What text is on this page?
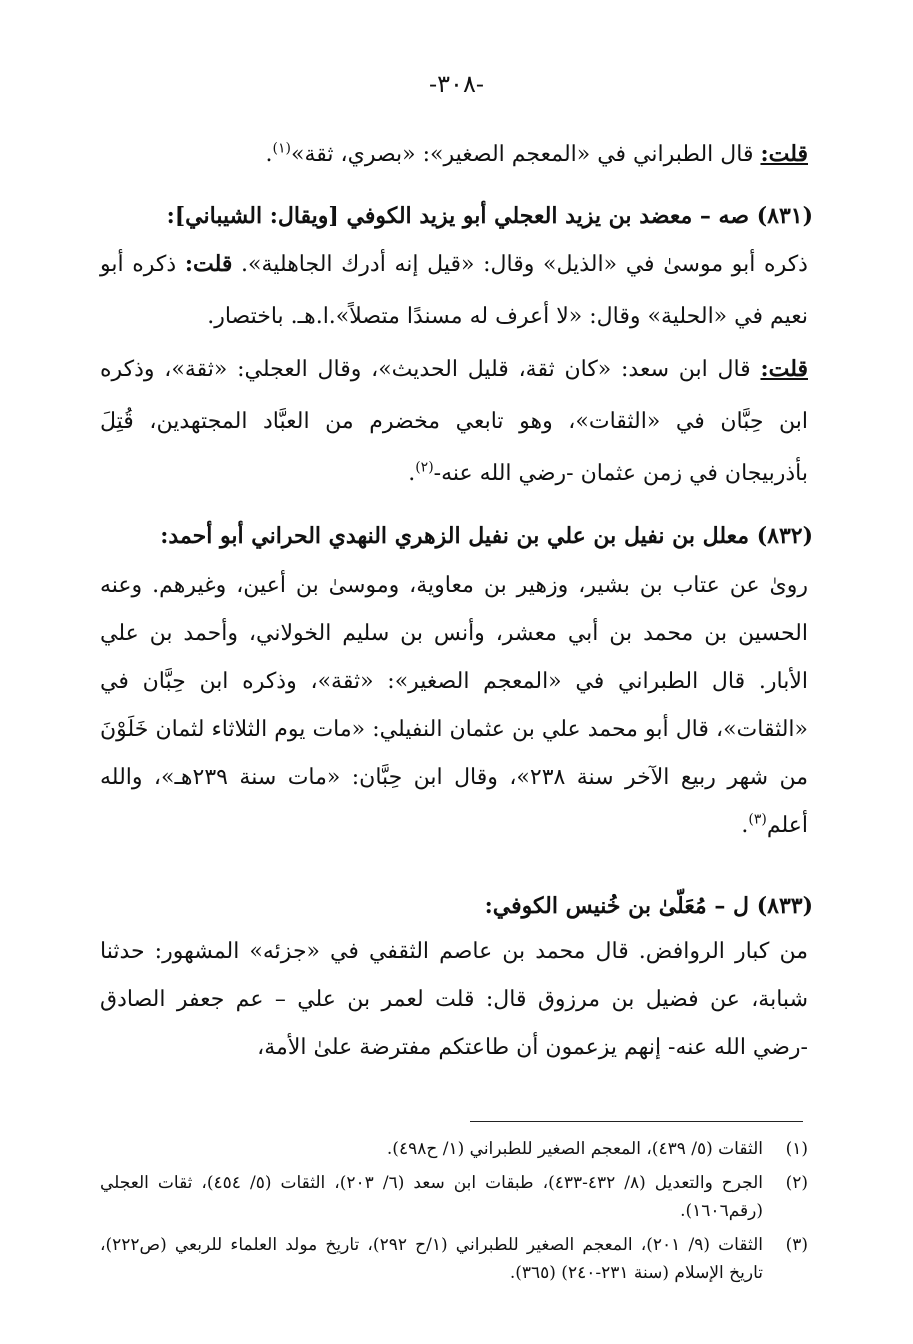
-٣٠٨-

قلت: قال الطبراني في «المعجم الصغير»: «بصري، ثقة»$^{(١)}$.

(٨٣١) صه – معضد بن يزيد العجلي أبو يزيد الكوفي [ويقال: الشيباني]:

ذكره أبو موسىٰ في «الذيل» وقال: «قيل إنه أدرك الجاهلية». قلت: ذكره أبو نعيم في «الحلية» وقال: «لا أعرف له مسندًا متصلاً».ا.هـ. باختصار.

قلت: قال ابن سعد: «كان ثقة، قليل الحديث»، وقال العجلي: «ثقة»، وذكره ابن حِبَّان في «الثقات»، وهو تابعي مخضرم من العبَّاد المجتهدين، قُتِلَ بأذربيجان في زمن عثمان -رضي الله عنه-$^{(٢)}$.

(٨٣٢) معلل بن نفيل بن علي بن نفيل الزهري النهدي الحراني أبو أحمد:

روىٰ عن عتاب بن بشير، وزهير بن معاوية، وموسىٰ بن أعين، وغيرهم. وعنه الحسين بن محمد بن أبي معشر، وأنس بن سليم الخولاني، وأحمد بن علي الأبار. قال الطبراني في «المعجم الصغير»: «ثقة»، وذكره ابن حِبَّان في «الثقات»، قال أبو محمد علي بن عثمان النفيلي: «مات يوم الثلاثاء لثمان خَلَوْنَ من شهر ربيع الآخر سنة ٢٣٨»، وقال ابن حِبَّان: «مات سنة ٢٣٩هـ»، والله أعلم$^{(٣)}$.

(٨٣٣) ل – مُعَلّىٰ بن خُنيس الكوفي:

من كبار الروافض. قال محمد بن عاصم الثقفي في «جزئه» المشهور: حدثنا شبابة، عن فضيل بن مرزوق قال: قلت لعمر بن علي – عم جعفر الصادق -رضي الله عنه- إنهم يزعمون أن طاعتكم مفترضة علىٰ الأمة،

(١)
الثقات (٥/ ٤٣٩)، المعجم الصغير للطبراني (١/ ح٤٩٨).
(٢)
الجرح والتعديل (٨/ ٤٣٢-٤٣٣)، طبقات ابن سعد (٦/ ٢٠٣)، الثقات (٥/ ٤٥٤)، ثقات العجلي (رقم١٦٠٦).
(٣)
الثقات (٩/ ٢٠١)، المعجم الصغير للطبراني (١/ح ٢٩٢)، تاريخ مولد العلماء للربعي (ص٢٢٢)، تاريخ الإسلام (سنة ٢٣١-٢٤٠) (٣٦٥).
